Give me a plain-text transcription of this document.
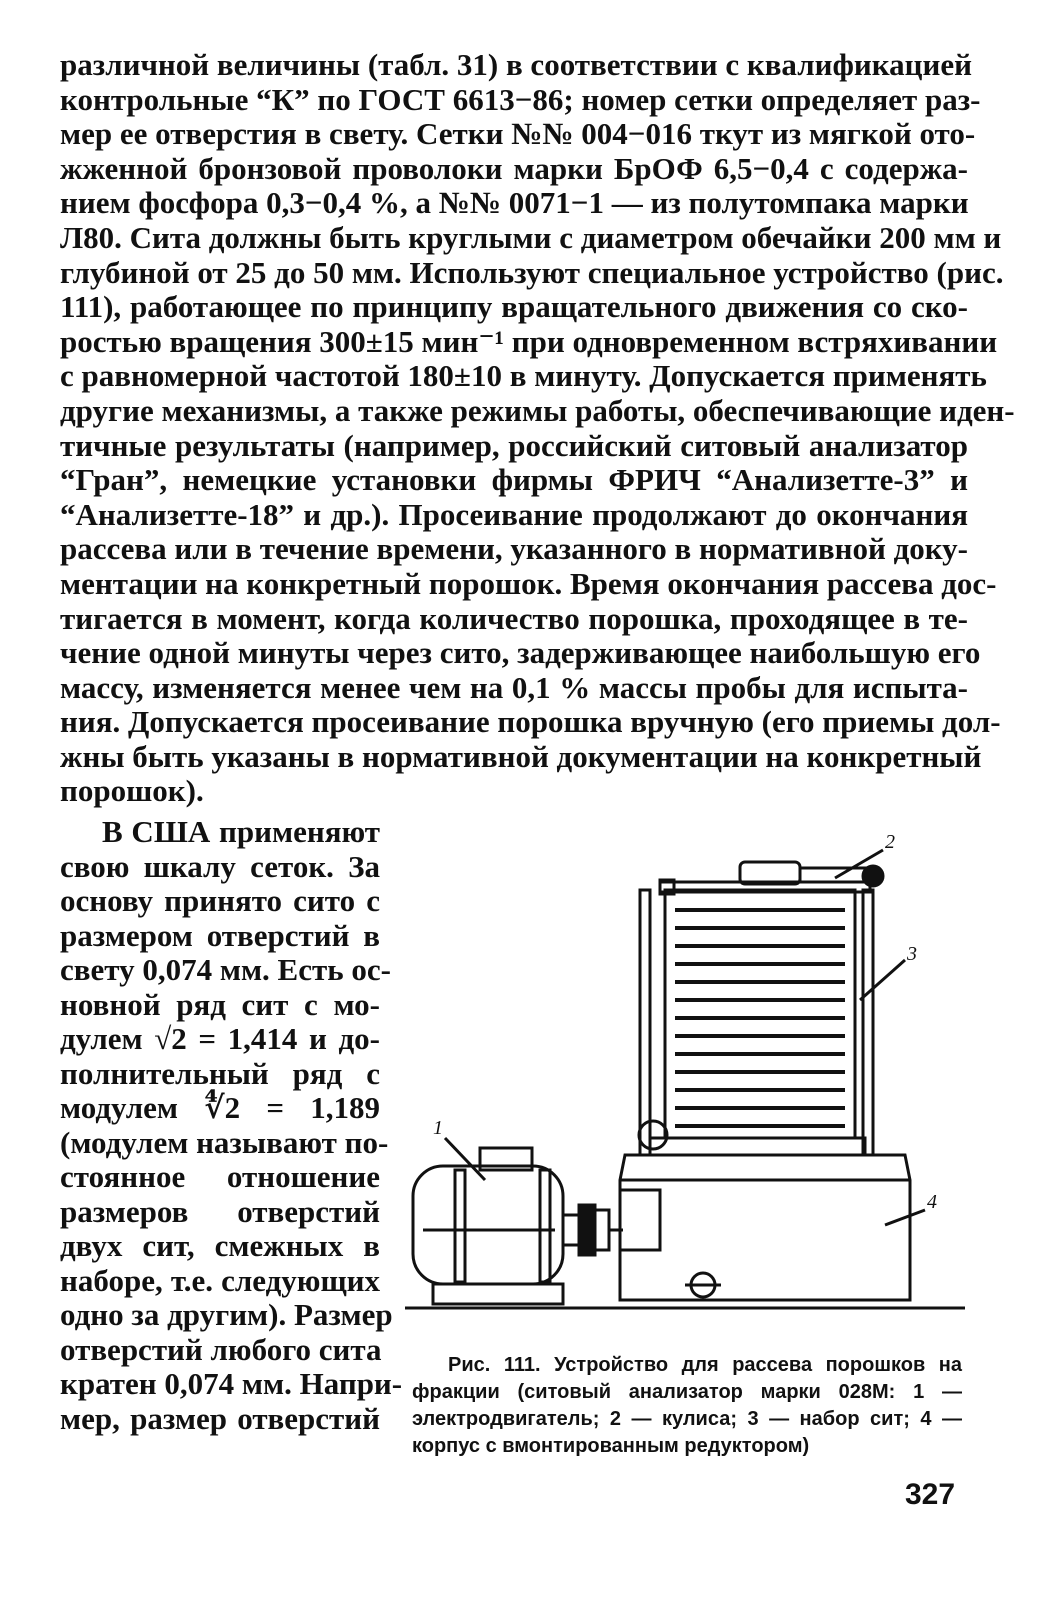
различной величины (табл. 31) в соответствии с квалификацией
контрольные “К” по ГОСТ 6613−86; номер сетки определяет раз-
мер ее отверстия в свету. Сетки №№ 004−016 ткут из мягкой ото-
жженной бронзовой проволоки марки БрОФ 6,5−0,4 с содержа-
нием фосфора 0,3−0,4 %, а №№ 0071−1 — из полутомпака марки
Л80. Сита должны быть круглыми с диаметром обечайки 200 мм и
глубиной от 25 до 50 мм. Используют специальное устройство (рис.
111), работающее по принципу вращательного движения со ско-
ростью вращения 300±15 мин⁻¹ при одновременном встряхивании
с равномерной частотой 180±10 в минуту. Допускается применять
другие механизмы, а также режимы работы, обеспечивающие иден-
тичные результаты (например, российский ситовый анализатор
“Гран”, немецкие установки фирмы ФРИЧ “Анализетте-3” и
“Анализетте-18” и др.). Просеивание продолжают до окончания
рассева или в течение времени, указанного в нормативной доку-
ментации на конкретный порошок. Время окончания рассева дос-
тигается в момент, когда количество порошка, проходящее в те-
чение одной минуты через сито, задерживающее наибольшую его
массу, изменяется менее чем на 0,1 % массы пробы для испыта-
ния. Допускается просеивание порошка вручную (его приемы дол-
жны быть указаны в нормативной документации на конкретный
порошок).
В США применяют
свою шкалу сеток. За
основу принято сито с
размером отверстий в
свету 0,074 мм. Есть ос-
новной ряд сит с мо-
дулем √2 = 1,414 и до-
полнительный ряд с
модулем ∜2 = 1,189
(модулем называют по-
стоянное отношение
размеров отверстий
двух сит, смежных в
наборе, т.е. следующих
одно за другим). Размер
отверстий любого сита
кратен 0,074 мм. Напри-
мер, размер отверстий
1
2
3
4
Рис. 111. Устройство для рассева порошков на
фракции (ситовый анализатор марки 028М: 1 —
электродвигатель; 2 — кулиса; 3 — набор сит; 4 —
корпус с вмонтированным редуктором)
327
